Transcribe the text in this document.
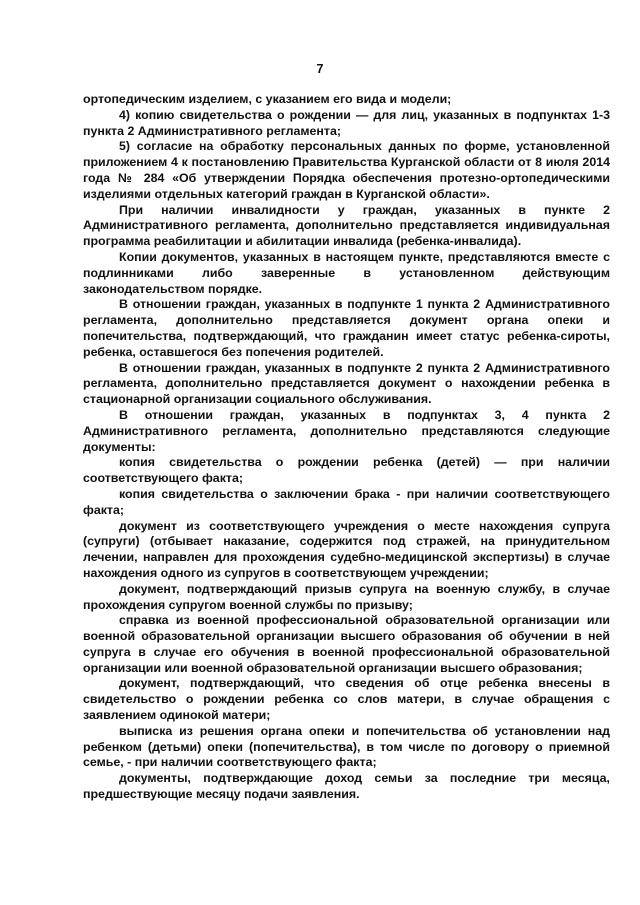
7

ортопедическим изделием, с указанием его вида и модели;

4) копию свидетельства о рождении — для лиц, указанных в подпунктах 1-3 пункта 2 Административного регламента;

5) согласие на обработку персональных данных по форме, установленной приложением 4 к постановлению Правительства Курганской области от 8 июля 2014 года № 284 «Об утверждении Порядка обеспечения протезно-ортопедическими изделиями отдельных категорий граждан в Курганской области».

При наличии инвалидности у граждан, указанных в пункте 2 Административного регламента, дополнительно представляется индивидуальная программа реабилитации и абилитации инвалида (ребенка-инвалида).

Копии документов, указанных в настоящем пункте, представляются вместе с подлинниками либо заверенные в установленном действующим законодательством порядке.

В отношении граждан, указанных в подпункте 1 пункта 2 Административного регламента, дополнительно представляется документ органа опеки и попечительства, подтверждающий, что гражданин имеет статус ребенка-сироты, ребенка, оставшегося без попечения родителей.

В отношении граждан, указанных в подпункте 2 пункта 2 Административного регламента, дополнительно представляется документ о нахождении ребенка в стационарной организации социального обслуживания.

В отношении граждан, указанных в подпунктах 3, 4 пункта 2 Административного регламента, дополнительно представляются следующие документы:

копия свидетельства о рождении ребенка (детей) — при наличии соответствующего факта;

копия свидетельства о заключении брака - при наличии соответствующего факта;

документ из соответствующего учреждения о месте нахождения супруга (супруги) (отбывает наказание, содержится под стражей, на принудительном лечении, направлен для прохождения судебно-медицинской экспертизы) в случае нахождения одного из супругов в соответствующем учреждении;

документ, подтверждающий призыв супруга на военную службу, в случае прохождения супругом военной службы по призыву;

справка из военной профессиональной образовательной организации или военной образовательной организации высшего образования об обучении в ней супруга в случае его обучения в военной профессиональной образовательной организации или военной образовательной организации высшего образования;

документ, подтверждающий, что сведения об отце ребенка внесены в свидетельство о рождении ребенка со слов матери, в случае обращения с заявлением одинокой матери;

выписка из решения органа опеки и попечительства об установлении над ребенком (детьми) опеки (попечительства), в том числе по договору о приемной семье, - при наличии соответствующего факта;

документы, подтверждающие доход семьи за последние три месяца, предшествующие месяцу подачи заявления.
